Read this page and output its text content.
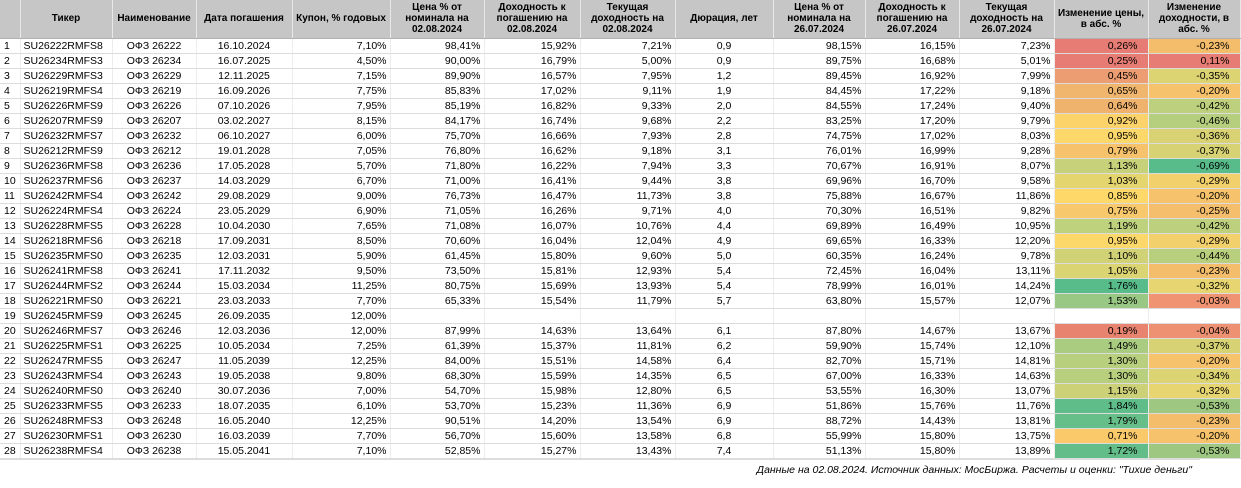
	Тикер	Наименование	Дата погашения	Купон, % годовых	Цена % от номинала на 02.08.2024	Доходность к погашению на 02.08.2024	Текущая доходность на 02.08.2024	Дюрация, лет	Цена % от номинала на 26.07.2024	Доходность к погашению на 26.07.2024	Текущая доходность на 26.07.2024	Изменение цены, в абс. %	Изменение доходности, в абс. %
1	SU26222RMFS8	ОФЗ 26222	16.10.2024	7,10%	98,41%	15,92%	7,21%	0,9	98,15%	16,15%	7,23%	0,26%	-0,23%
2	SU26234RMFS3	ОФЗ 26234	16.07.2025	4,50%	90,00%	16,79%	5,00%	0,9	89,75%	16,68%	5,01%	0,25%	0,11%
3	SU26229RMFS3	ОФЗ 26229	12.11.2025	7,15%	89,90%	16,57%	7,95%	1,2	89,45%	16,92%	7,99%	0,45%	-0,35%
4	SU26219RMFS4	ОФЗ 26219	16.09.2026	7,75%	85,83%	17,02%	9,11%	1,9	84,45%	17,22%	9,18%	0,65%	-0,20%
5	SU26226RMFS9	ОФЗ 26226	07.10.2026	7,95%	85,19%	16,82%	9,33%	2,0	84,55%	17,24%	9,40%	0,64%	-0,42%
6	SU26207RMFS9	ОФЗ 26207	03.02.2027	8,15%	84,17%	16,74%	9,68%	2,2	83,25%	17,20%	9,79%	0,92%	-0,46%
7	SU26232RMFS7	ОФЗ 26232	06.10.2027	6,00%	75,70%	16,66%	7,93%	2,8	74,75%	17,02%	8,03%	0,95%	-0,36%
8	SU26212RMFS9	ОФЗ 26212	19.01.2028	7,05%	76,80%	16,62%	9,18%	3,1	76,01%	16,99%	9,28%	0,79%	-0,37%
9	SU26236RMFS8	ОФЗ 26236	17.05.2028	5,70%	71,80%	16,22%	7,94%	3,3	70,67%	16,91%	8,07%	1,13%	-0,69%
10	SU26237RMFS6	ОФЗ 26237	14.03.2029	6,70%	71,00%	16,41%	9,44%	3,8	69,96%	16,70%	9,58%	1,03%	-0,29%
11	SU26242RMFS4	ОФЗ 26242	29.08.2029	9,00%	76,73%	16,47%	11,73%	3,8	75,88%	16,67%	11,86%	0,85%	-0,20%
12	SU26224RMFS4	ОФЗ 26224	23.05.2029	6,90%	71,05%	16,26%	9,71%	4,0	70,30%	16,51%	9,82%	0,75%	-0,25%
13	SU26228RMFS5	ОФЗ 26228	10.04.2030	7,65%	71,08%	16,07%	10,76%	4,4	69,89%	16,49%	10,95%	1,19%	-0,42%
14	SU26218RMFS6	ОФЗ 26218	17.09.2031	8,50%	70,60%	16,04%	12,04%	4,9	69,65%	16,33%	12,20%	0,95%	-0,29%
15	SU26235RMFS0	ОФЗ 26235	12.03.2031	5,90%	61,45%	15,80%	9,60%	5,0	60,35%	16,24%	9,78%	1,10%	-0,44%
16	SU26241RMFS8	ОФЗ 26241	17.11.2032	9,50%	73,50%	15,81%	12,93%	5,4	72,45%	16,04%	13,11%	1,05%	-0,23%
17	SU26244RMFS2	ОФЗ 26244	15.03.2034	11,25%	80,75%	15,69%	13,93%	5,4	78,99%	16,01%	14,24%	1,76%	-0,32%
18	SU26221RMFS0	ОФЗ 26221	23.03.2033	7,70%	65,33%	15,54%	11,79%	5,7	63,80%	15,57%	12,07%	1,53%	-0,03%
19	SU26245RMFS9	ОФЗ 26245	26.09.2035	12,00%									
20	SU26246RMFS7	ОФЗ 26246	12.03.2036	12,00%	87,99%	14,63%	13,64%	6,1	87,80%	14,67%	13,67%	0,19%	-0,04%
21	SU26225RMFS1	ОФЗ 26225	10.05.2034	7,25%	61,39%	15,37%	11,81%	6,2	59,90%	15,74%	12,10%	1,49%	-0,37%
22	SU26247RMFS5	ОФЗ 26247	11.05.2039	12,25%	84,00%	15,51%	14,58%	6,4	82,70%	15,71%	14,81%	1,30%	-0,20%
23	SU26243RMFS4	ОФЗ 26243	19.05.2038	9,80%	68,30%	15,59%	14,35%	6,5	67,00%	16,33%	14,63%	1,30%	-0,34%
24	SU26240RMFS0	ОФЗ 26240	30.07.2036	7,00%	54,70%	15,98%	12,80%	6,5	53,55%	16,30%	13,07%	1,15%	-0,32%
25	SU26233RMFS5	ОФЗ 26233	18.07.2035	6,10%	53,70%	15,23%	11,36%	6,9	51,86%	15,76%	11,76%	1,84%	-0,53%
26	SU26248RMFS3	ОФЗ 26248	16.05.2040	12,25%	90,51%	14,20%	13,54%	6,9	88,72%	14,43%	13,81%	1,79%	-0,23%
27	SU26230RMFS1	ОФЗ 26230	16.03.2039	7,70%	56,70%	15,60%	13,58%	6,8	55,99%	15,80%	13,75%	0,71%	-0,20%
28	SU26238RMFS4	ОФЗ 26238	15.05.2041	7,10%	52,85%	15,27%	13,43%	7,4	51,13%	15,80%	13,89%	1,72%	-0,53%
Данные на 02.08.2024. Источник данных: МосБиржа. Расчеты и оценки: "Тихие деньги"
